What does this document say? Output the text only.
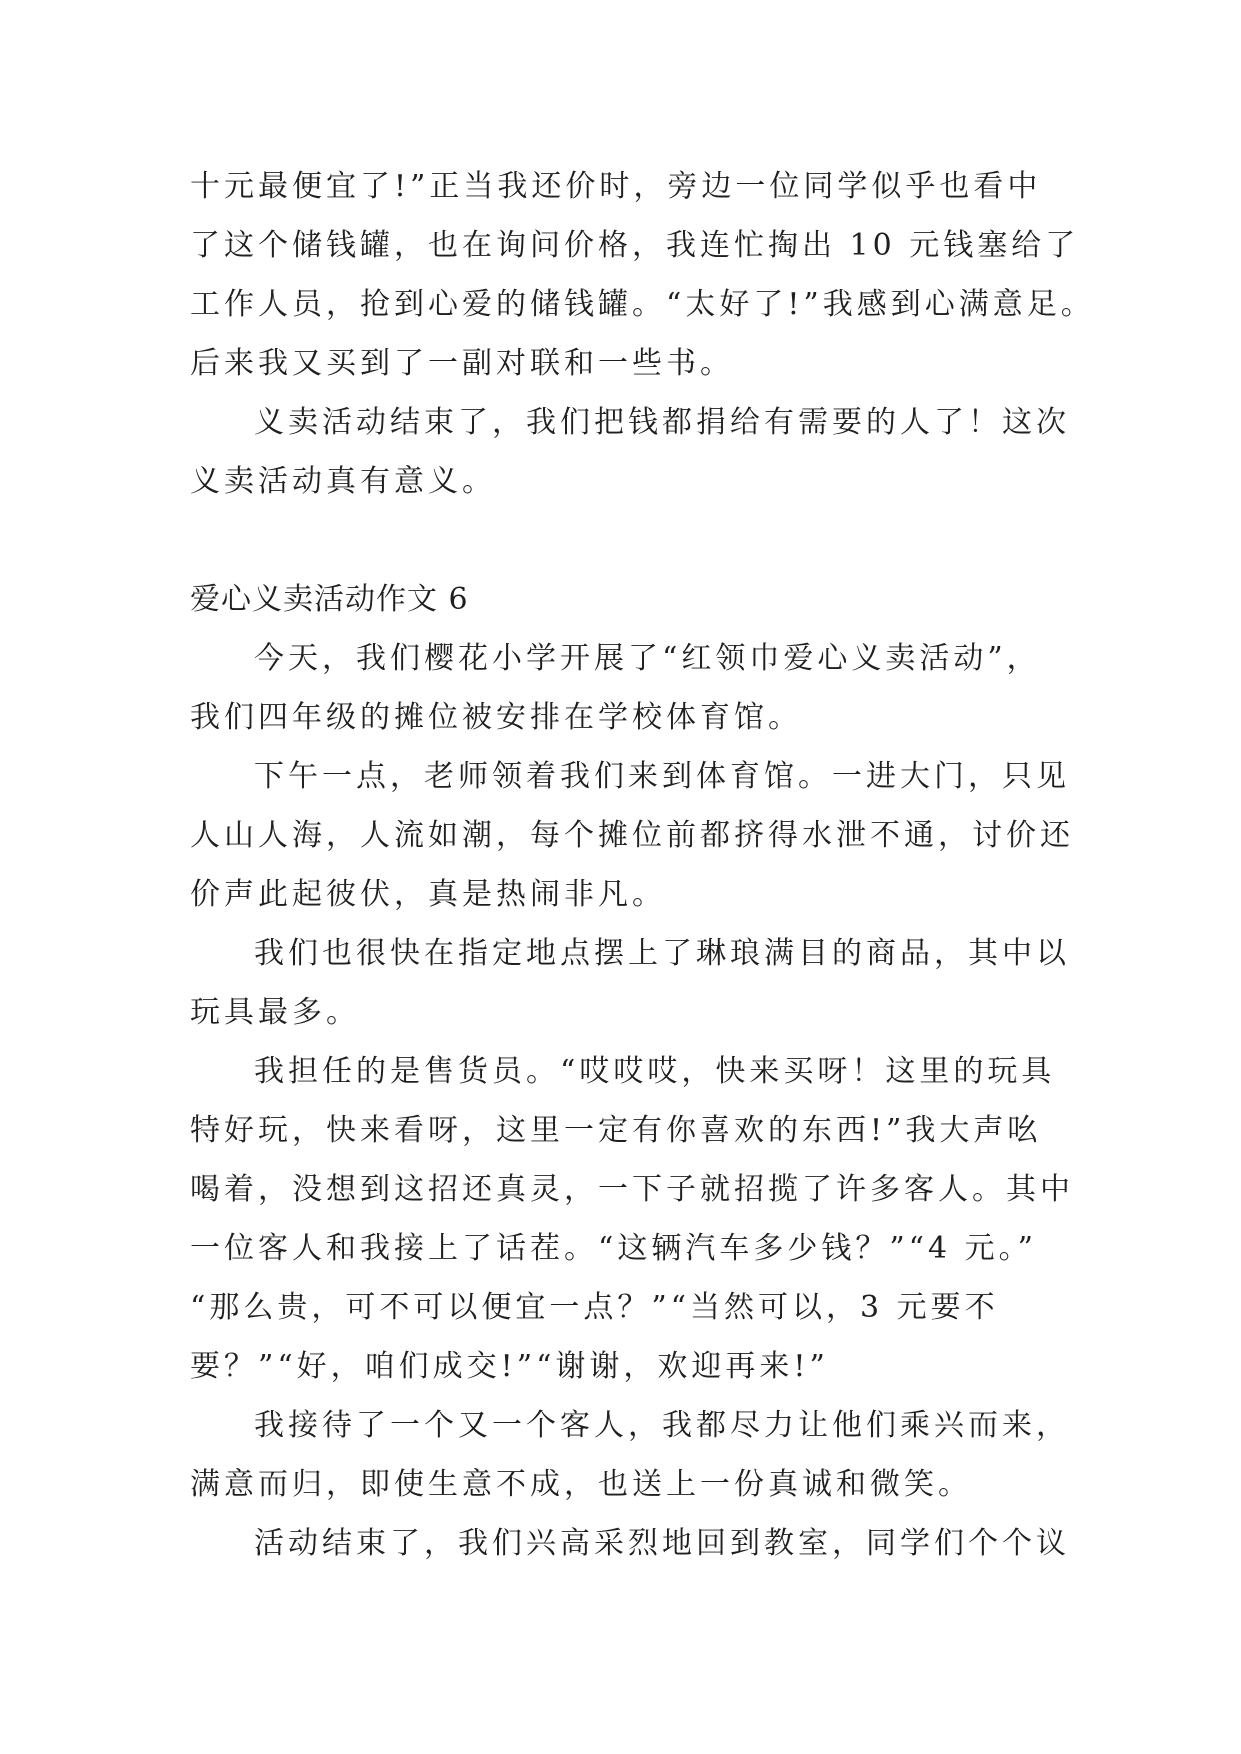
十元最便宜了!”正当我还价时，旁边一位同学似乎也看中

了这个储钱罐，也在询问价格，我连忙掏出 10 元钱塞给了

工作人员，抢到心爱的储钱罐。“太好了!”我感到心满意足。

后来我又买到了一副对联和一些书。

义卖活动结束了，我们把钱都捐给有需要的人了！这次

义卖活动真有意义。

爱心义卖活动作文 6

今天，我们樱花小学开展了“红领巾爱心义卖活动”，

我们四年级的摊位被安排在学校体育馆。

下午一点，老师领着我们来到体育馆。一进大门，只见

人山人海，人流如潮，每个摊位前都挤得水泄不通，讨价还

价声此起彼伏，真是热闹非凡。

我们也很快在指定地点摆上了琳琅满目的商品，其中以

玩具最多。

我担任的是售货员。“哎哎哎，快来买呀！这里的玩具

特好玩，快来看呀，这里一定有你喜欢的东西!”我大声吆

喝着，没想到这招还真灵，一下子就招揽了许多客人。其中

一位客人和我接上了话茬。“这辆汽车多少钱？”“4 元。”

“那么贵，可不可以便宜一点？”“当然可以，3 元要不

要？”“好，咱们成交!”“谢谢，欢迎再来!”

我接待了一个又一个客人，我都尽力让他们乘兴而来，

满意而归，即使生意不成，也送上一份真诚和微笑。

活动结束了，我们兴高采烈地回到教室，同学们个个议
